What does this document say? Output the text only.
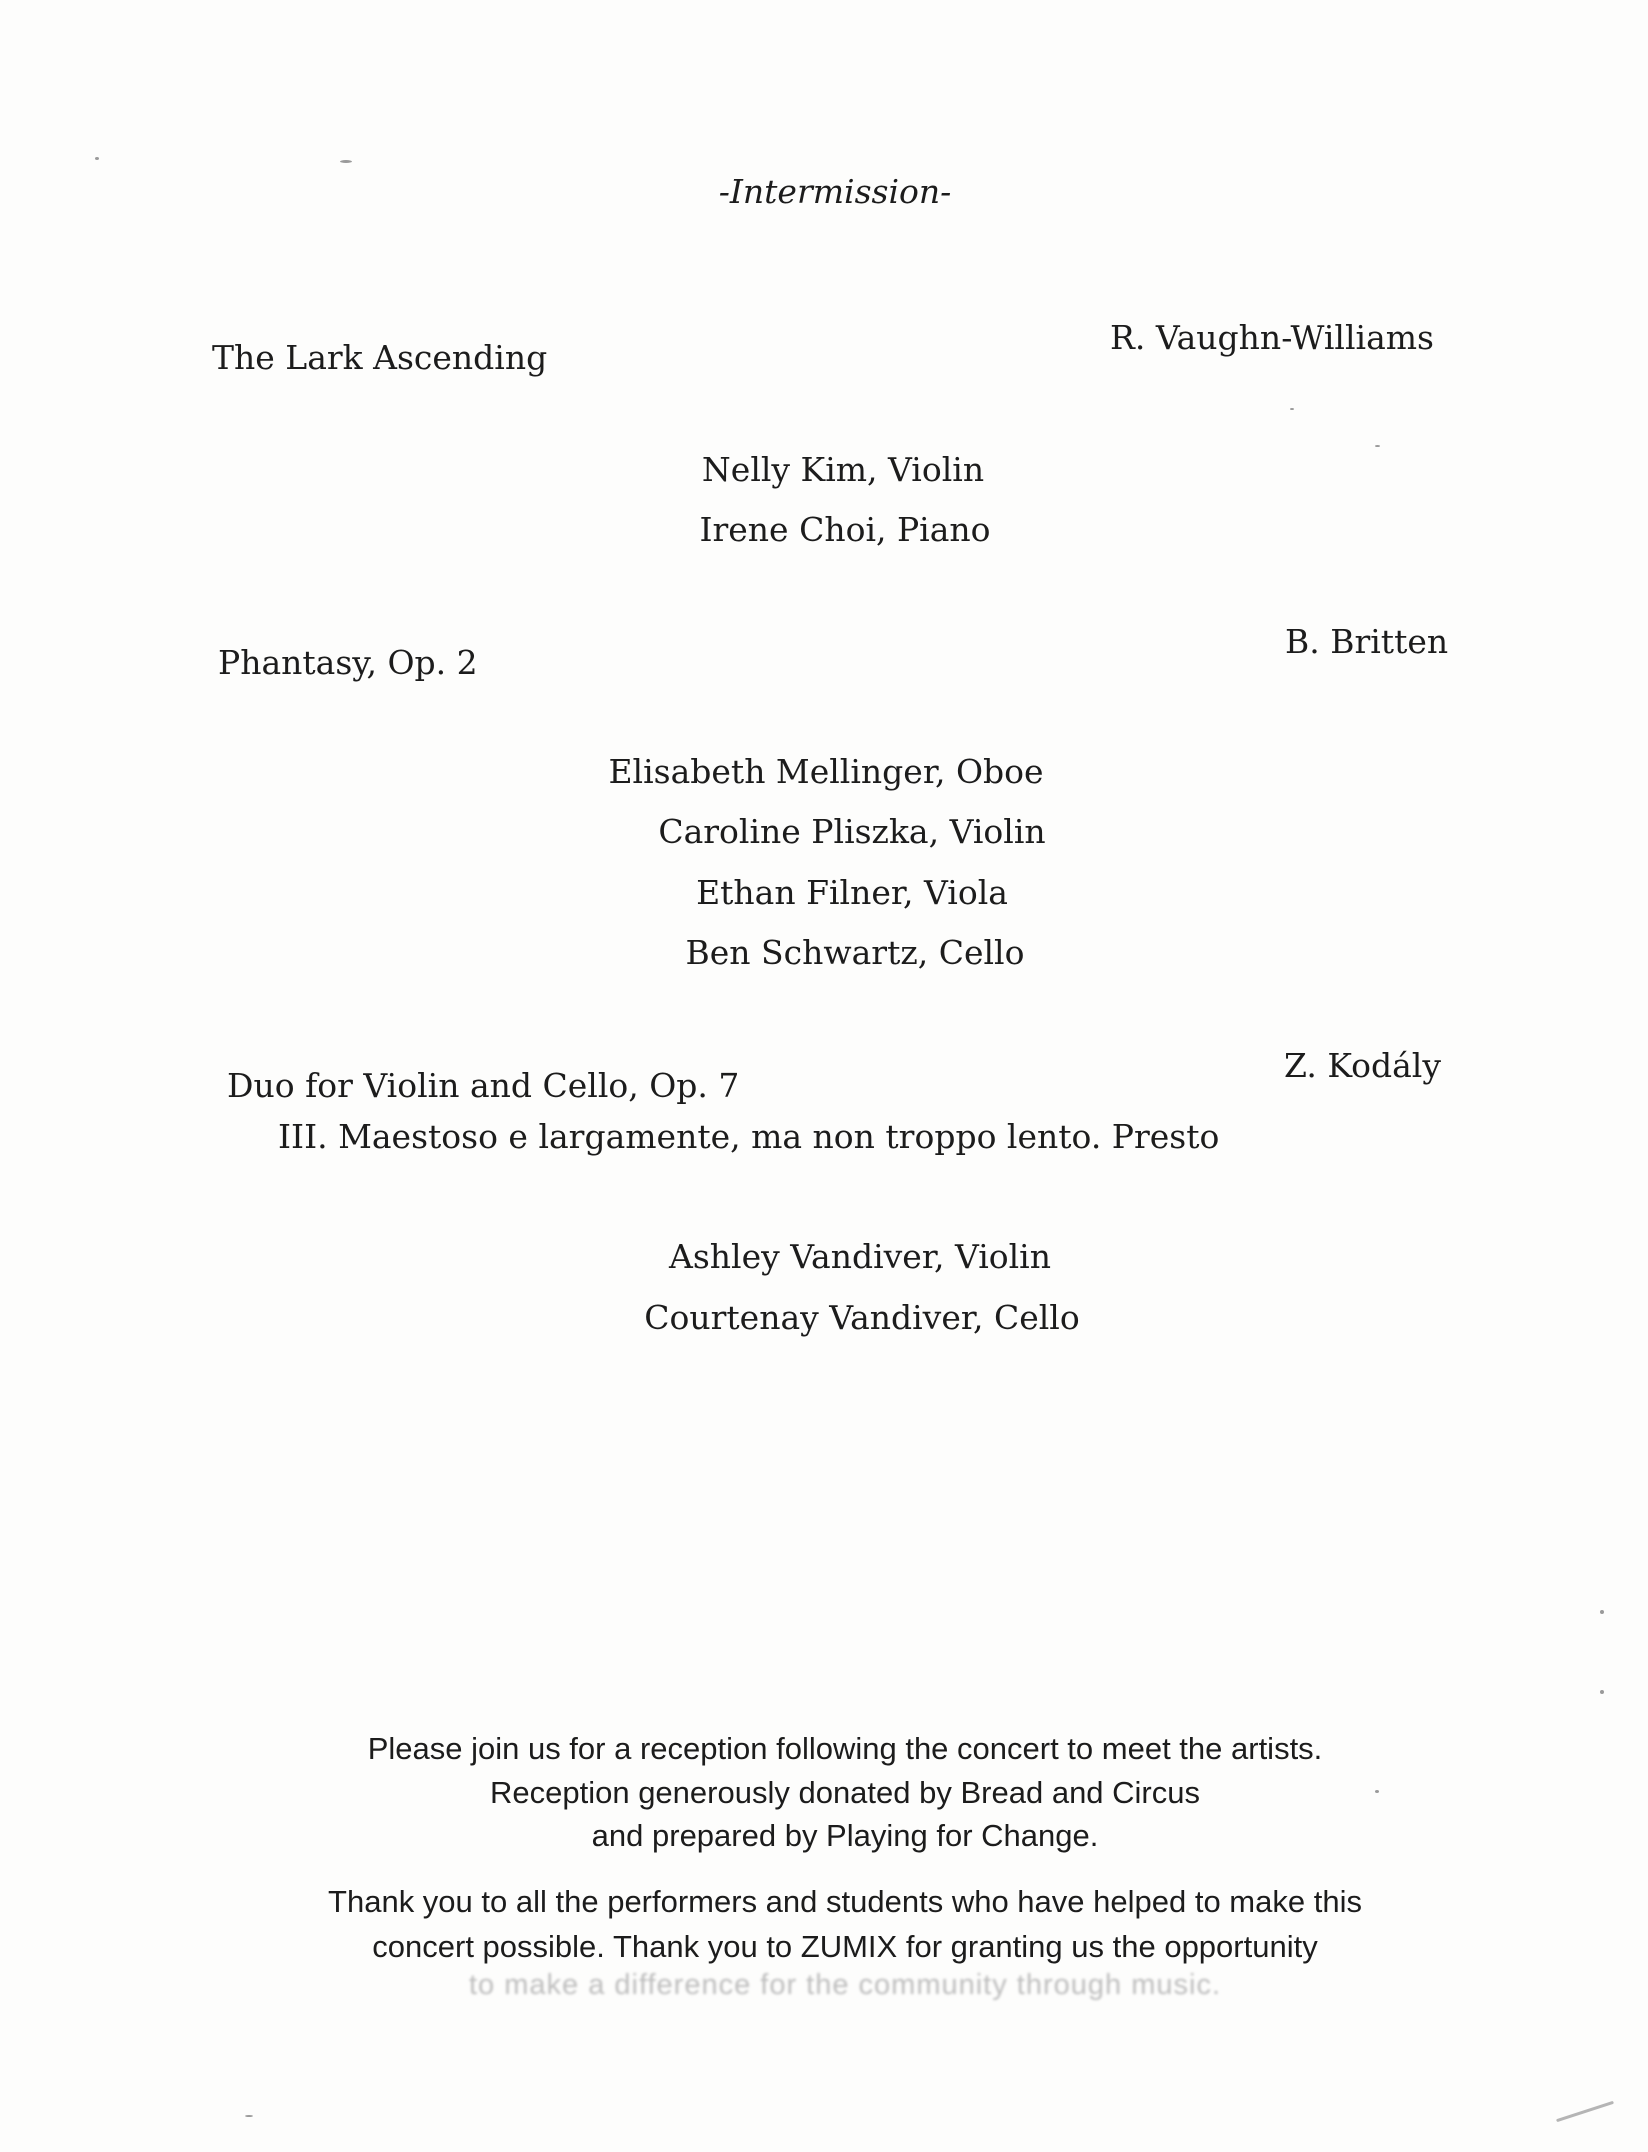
-Intermission-
The Lark Ascending
R. Vaughn-Williams
Nelly Kim, Violin
Irene Choi, Piano
Phantasy, Op. 2
B. Britten
Elisabeth Mellinger, Oboe
Caroline Pliszka, Violin
Ethan Filner, Viola
Ben Schwartz, Cello
Duo for Violin and Cello, Op. 7
III. Maestoso e largamente, ma non troppo lento. Presto
Z. Kodály
Ashley Vandiver, Violin
Courtenay Vandiver, Cello
Please join us for a reception following the concert to meet the artists.
Reception generously donated by Bread and Circus
and prepared by Playing for Change.
Thank you to all the performers and students who have helped to make this
concert possible. Thank you to ZUMIX for granting us the opportunity
to make a difference for the community through music.
